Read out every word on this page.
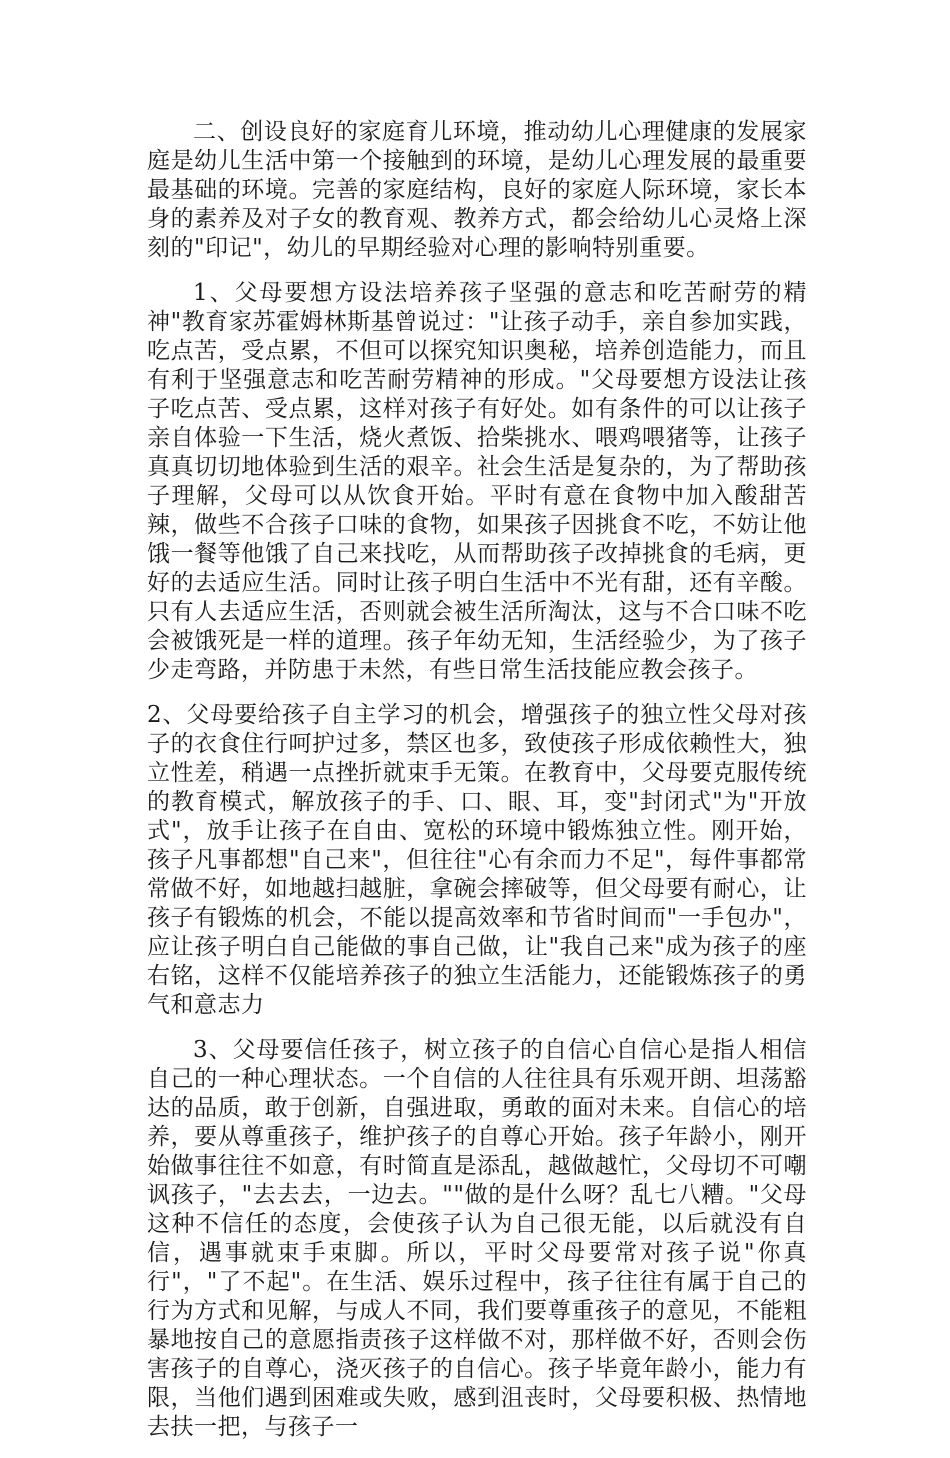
二、创设良好的家庭育儿环境，推动幼儿心理健康的发展家庭是幼儿生活中第一个接触到的环境，是幼儿心理发展的最重要最基础的环境。完善的家庭结构，良好的家庭人际环境，家长本身的素养及对子女的教育观、教养方式，都会给幼儿心灵烙上深刻的"印记"，幼儿的早期经验对心理的影响特别重要。

1、父母要想方设法培养孩子坚强的意志和吃苦耐劳的精神"教育家苏霍姆林斯基曾说过："让孩子动手，亲自参加实践，吃点苦，受点累，不但可以探究知识奥秘，培养创造能力，而且有利于坚强意志和吃苦耐劳精神的形成。"父母要想方设法让孩子吃点苦、受点累，这样对孩子有好处。如有条件的可以让孩子亲自体验一下生活，烧火煮饭、拾柴挑水、喂鸡喂猪等，让孩子真真切切地体验到生活的艰辛。社会生活是复杂的，为了帮助孩子理解，父母可以从饮食开始。平时有意在食物中加入酸甜苦辣，做些不合孩子口味的食物，如果孩子因挑食不吃，不妨让他饿一餐等他饿了自己来找吃，从而帮助孩子改掉挑食的毛病，更好的去适应生活。同时让孩子明白生活中不光有甜，还有辛酸。只有人去适应生活，否则就会被生活所淘汰，这与不合口味不吃会被饿死是一样的道理。孩子年幼无知，生活经验少，为了孩子少走弯路，并防患于未然，有些日常生活技能应教会孩子。

2、父母要给孩子自主学习的机会，增强孩子的独立性父母对孩子的衣食住行呵护过多，禁区也多，致使孩子形成依赖性大，独立性差，稍遇一点挫折就束手无策。在教育中，父母要克服传统的教育模式，解放孩子的手、口、眼、耳，变"封闭式"为"开放式"，放手让孩子在自由、宽松的环境中锻炼独立性。刚开始，孩子凡事都想"自己来"，但往往"心有余而力不足"，每件事都常常做不好，如地越扫越脏，拿碗会摔破等，但父母要有耐心，让孩子有锻炼的机会，不能以提高效率和节省时间而"一手包办"，应让孩子明白自己能做的事自己做，让"我自己来"成为孩子的座右铭，这样不仅能培养孩子的独立生活能力，还能锻炼孩子的勇气和意志力

3、父母要信任孩子，树立孩子的自信心自信心是指人相信自己的一种心理状态。一个自信的人往往具有乐观开朗、坦荡豁达的品质，敢于创新，自强进取，勇敢的面对未来。自信心的培养，要从尊重孩子，维护孩子的自尊心开始。孩子年龄小，刚开始做事往往不如意，有时简直是添乱，越做越忙，父母切不可嘲讽孩子，"去去去，一边去。""做的是什么呀？乱七八糟。"父母这种不信任的态度，会使孩子认为自己很无能，以后就没有自信，遇事就束手束脚。所以，平时父母要常对孩子说"你真行"，"了不起"。在生活、娱乐过程中，孩子往往有属于自己的行为方式和见解，与成人不同，我们要尊重孩子的意见，不能粗暴地按自己的意愿指责孩子这样做不对，那样做不好，否则会伤害孩子的自尊心，浇灭孩子的自信心。孩子毕竟年龄小，能力有限，当他们遇到困难或失败，感到沮丧时，父母要积极、热情地去扶一把，与孩子一
